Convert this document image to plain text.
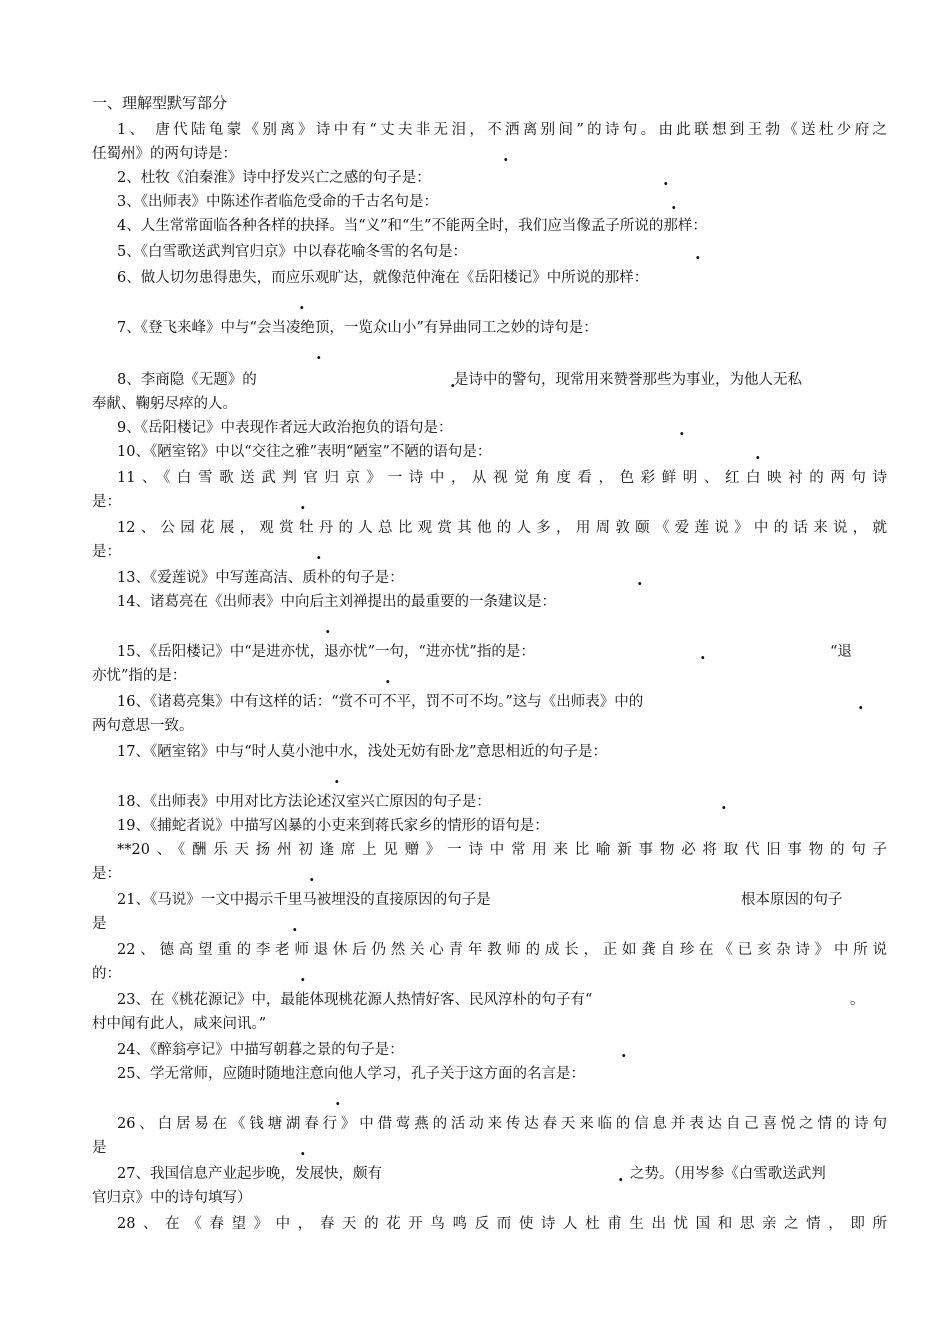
一、理解型默写部分
1、 唐代陆龟蒙《别离》诗中有“丈夫非无泪，不洒离别间”的诗句。由此联想到王勃《送杜少府之
任蜀州》的两句诗是：	.
2、杜牧《泊秦淮》诗中抒发兴亡之感的句子是：	.
3、《出师表》中陈述作者临危受命的千古名句是：	.
4、人生常常面临各种各样的抉择。当“义”和“生”不能两全时，我们应当像孟子所说的那样：
5、《白雪歌送武判官归京》中以春花喻冬雪的名句是：	.
6、做人切勿患得患失，而应乐观旷达，就像范仲淹在《岳阳楼记》中所说的那样：
.
7、《登飞来峰》中与“会当凌绝顶，一览众山小”有异曲同工之妙的诗句是：
.
8、李商隐《无题》的	是诗中的警句，现常用来赞誉那些为事业，为他人无私
.
奉献、鞠躬尽瘁的人。
9、《岳阳楼记》中表现作者远大政治抱负的语句是：	.
10、《陋室铭》中以“交往之雅”表明“陋室”不陋的语句是：	.
11、《白雪歌送武判官归京》一诗中，从视觉角度看，色彩鲜明、红白映衬的两句诗
是：	.
12、公园花展，观赏牡丹的人总比观赏其他的人多，用周敦颐《爱莲说》中的话来说，就
是：	.
13、《爱莲说》中写莲高洁、质朴的句子是：	.
14、诸葛亮在《出师表》中向后主刘禅提出的最重要的一条建议是：
.
15、《岳阳楼记》中“是进亦忧，退亦忧”一句，“进亦忧”指的是：	.	“退
亦忧”指的是：	.
16、《诸葛亮集》中有这样的话：“赏不可不平，罚不可不均。”这与《出师表》中的	.
两句意思一致。
17、《陋室铭》中与“时人莫小池中水，浅处无妨有卧龙”意思相近的句子是：
.
18、《出师表》中用对比方法论述汉室兴亡原因的句子是：	.
19、《捕蛇者说》中描写凶暴的小吏来到蒋氏家乡的情形的语句是：
**20、《酬乐天扬州初逢席上见赠》一诗中常用来比喻新事物必将取代旧事物的句子
是：	.
21、《马说》一文中揭示千里马被埋没的直接原因的句子是	根本原因的句子
是	.
22、德高望重的李老师退休后仍然关心青年教师的成长，正如龚自珍在《已亥杂诗》中所说
的：	.
23、在《桃花源记》中，最能体现桃花源人热情好客、民风淳朴的句子有“	。
村中闻有此人，咸来问讯。”
24、《醉翁亭记》中描写朝暮之景的句子是：	.
25、学无常师，应随时随地注意向他人学习，孔子关于这方面的名言是：
.
26、白居易在《钱塘湖春行》中借莺燕的活动来传达春天来临的信息并表达自己喜悦之情的诗句
是	.
27、我国信息产业起步晚，发展快，颇有	. 之势。（用岑参《白雪歌送武判
官归京》中的诗句填写）
28、在《春望》中，春天的花开鸟鸣反而使诗人杜甫生出忧国和思亲之情，即所
